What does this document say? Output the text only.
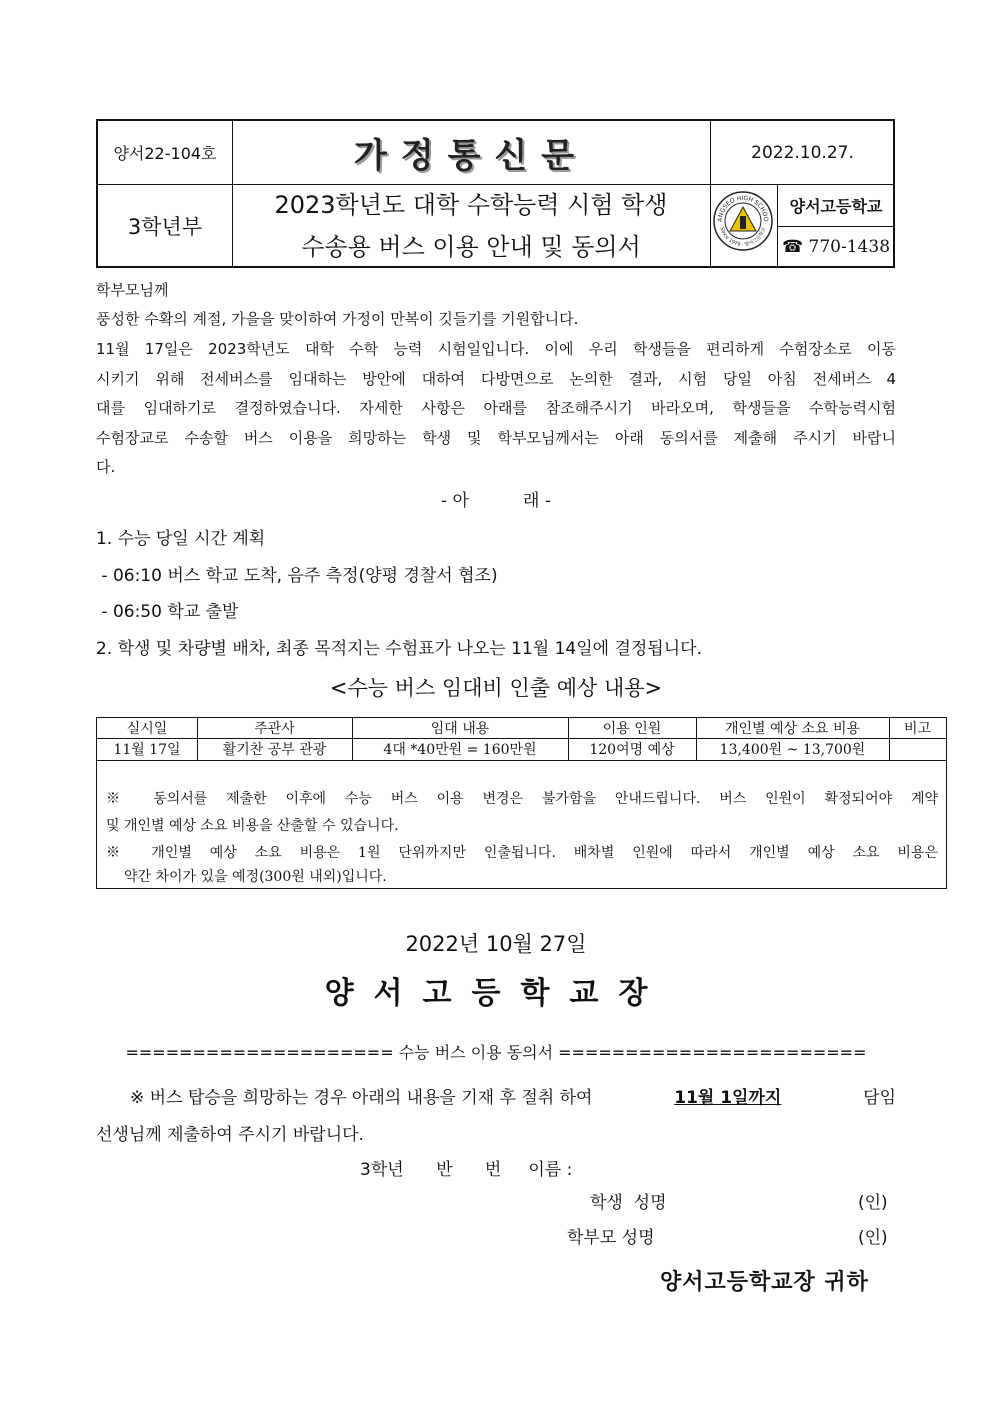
양서22-104호	가정통신문	2022.10.27.
3학년부
2023학년도 대학 수학능력 시험 학생
수송용 버스 이용 안내 및 동의서
양서고등학교
☎ 770-1438
ANGSEO HIGH SCHOO
Since 1979 · 양서고등학교

학부모님께

풍성한 수확의 계절, 가을을 맞이하여 가정이 만복이 깃들기를 기원합니다.

11월 17일은 2023학년도 대학 수학 능력 시험일입니다. 이에 우리 학생들을 편리하게 수험장소로 이동

시키기 위해 전세버스를 임대하는 방안에 대하여 다방면으로 논의한 결과, 시험 당일 아침 전세버스 4

대를 임대하기로 결정하였습니다. 자세한 사항은 아래를 참조해주시기 바라오며, 학생들을 수학능력시험

수험장교로 수송할 버스 이용을 희망하는 학생 및 학부모님께서는 아래 동의서를 제출해 주시기 바랍니

다.

- 아          래 -
1. 수능 당일 시간 계획
- 06:10 버스 학교 도착, 음주 측정(양평 경찰서 협조)
- 06:50 학교 출발
2. 학생 및 차량별 배차, 최종 목적지는 수험표가 나오는 11월 14일에 결정됩니다.
<수능 버스 임대비 인출 예상 내용>
실시일	주관사	임대 내용	이용 인원	개인별 예상 소요 비용	비고
11월 17일	활기찬 공부 관광	4대 *40만원 = 160만원	120여명 예상	13,400원 ~ 13,700원
※ 동의서를 제출한 이후에 수능 버스 이용 변경은 불가함을 안내드립니다. 버스 인원이 확정되어야 계약
및 개인별 예상 소요 비용을 산출할 수 있습니다.
※ 개인별 예상 소요 비용은 1원 단위까지만 인출됩니다. 배차별 인원에 따라서 개인별 예상 소요 비용은
약간 차이가 있을 예정(300원 내외)입니다.
2022년 10월 27일
양서고등학교장
==================== 수능 버스 이용 동의서 =======================
※ 버스 탑승을 희망하는 경우 아래의 내용을 기재 후 절취 하여	11월 1일까지	담임
선생님께 제출하여 주시기 바랍니다.
3학년      반      번     이름 :
학생  성명	(인)
학부모 성명	(인)
양서고등학교장 귀하
